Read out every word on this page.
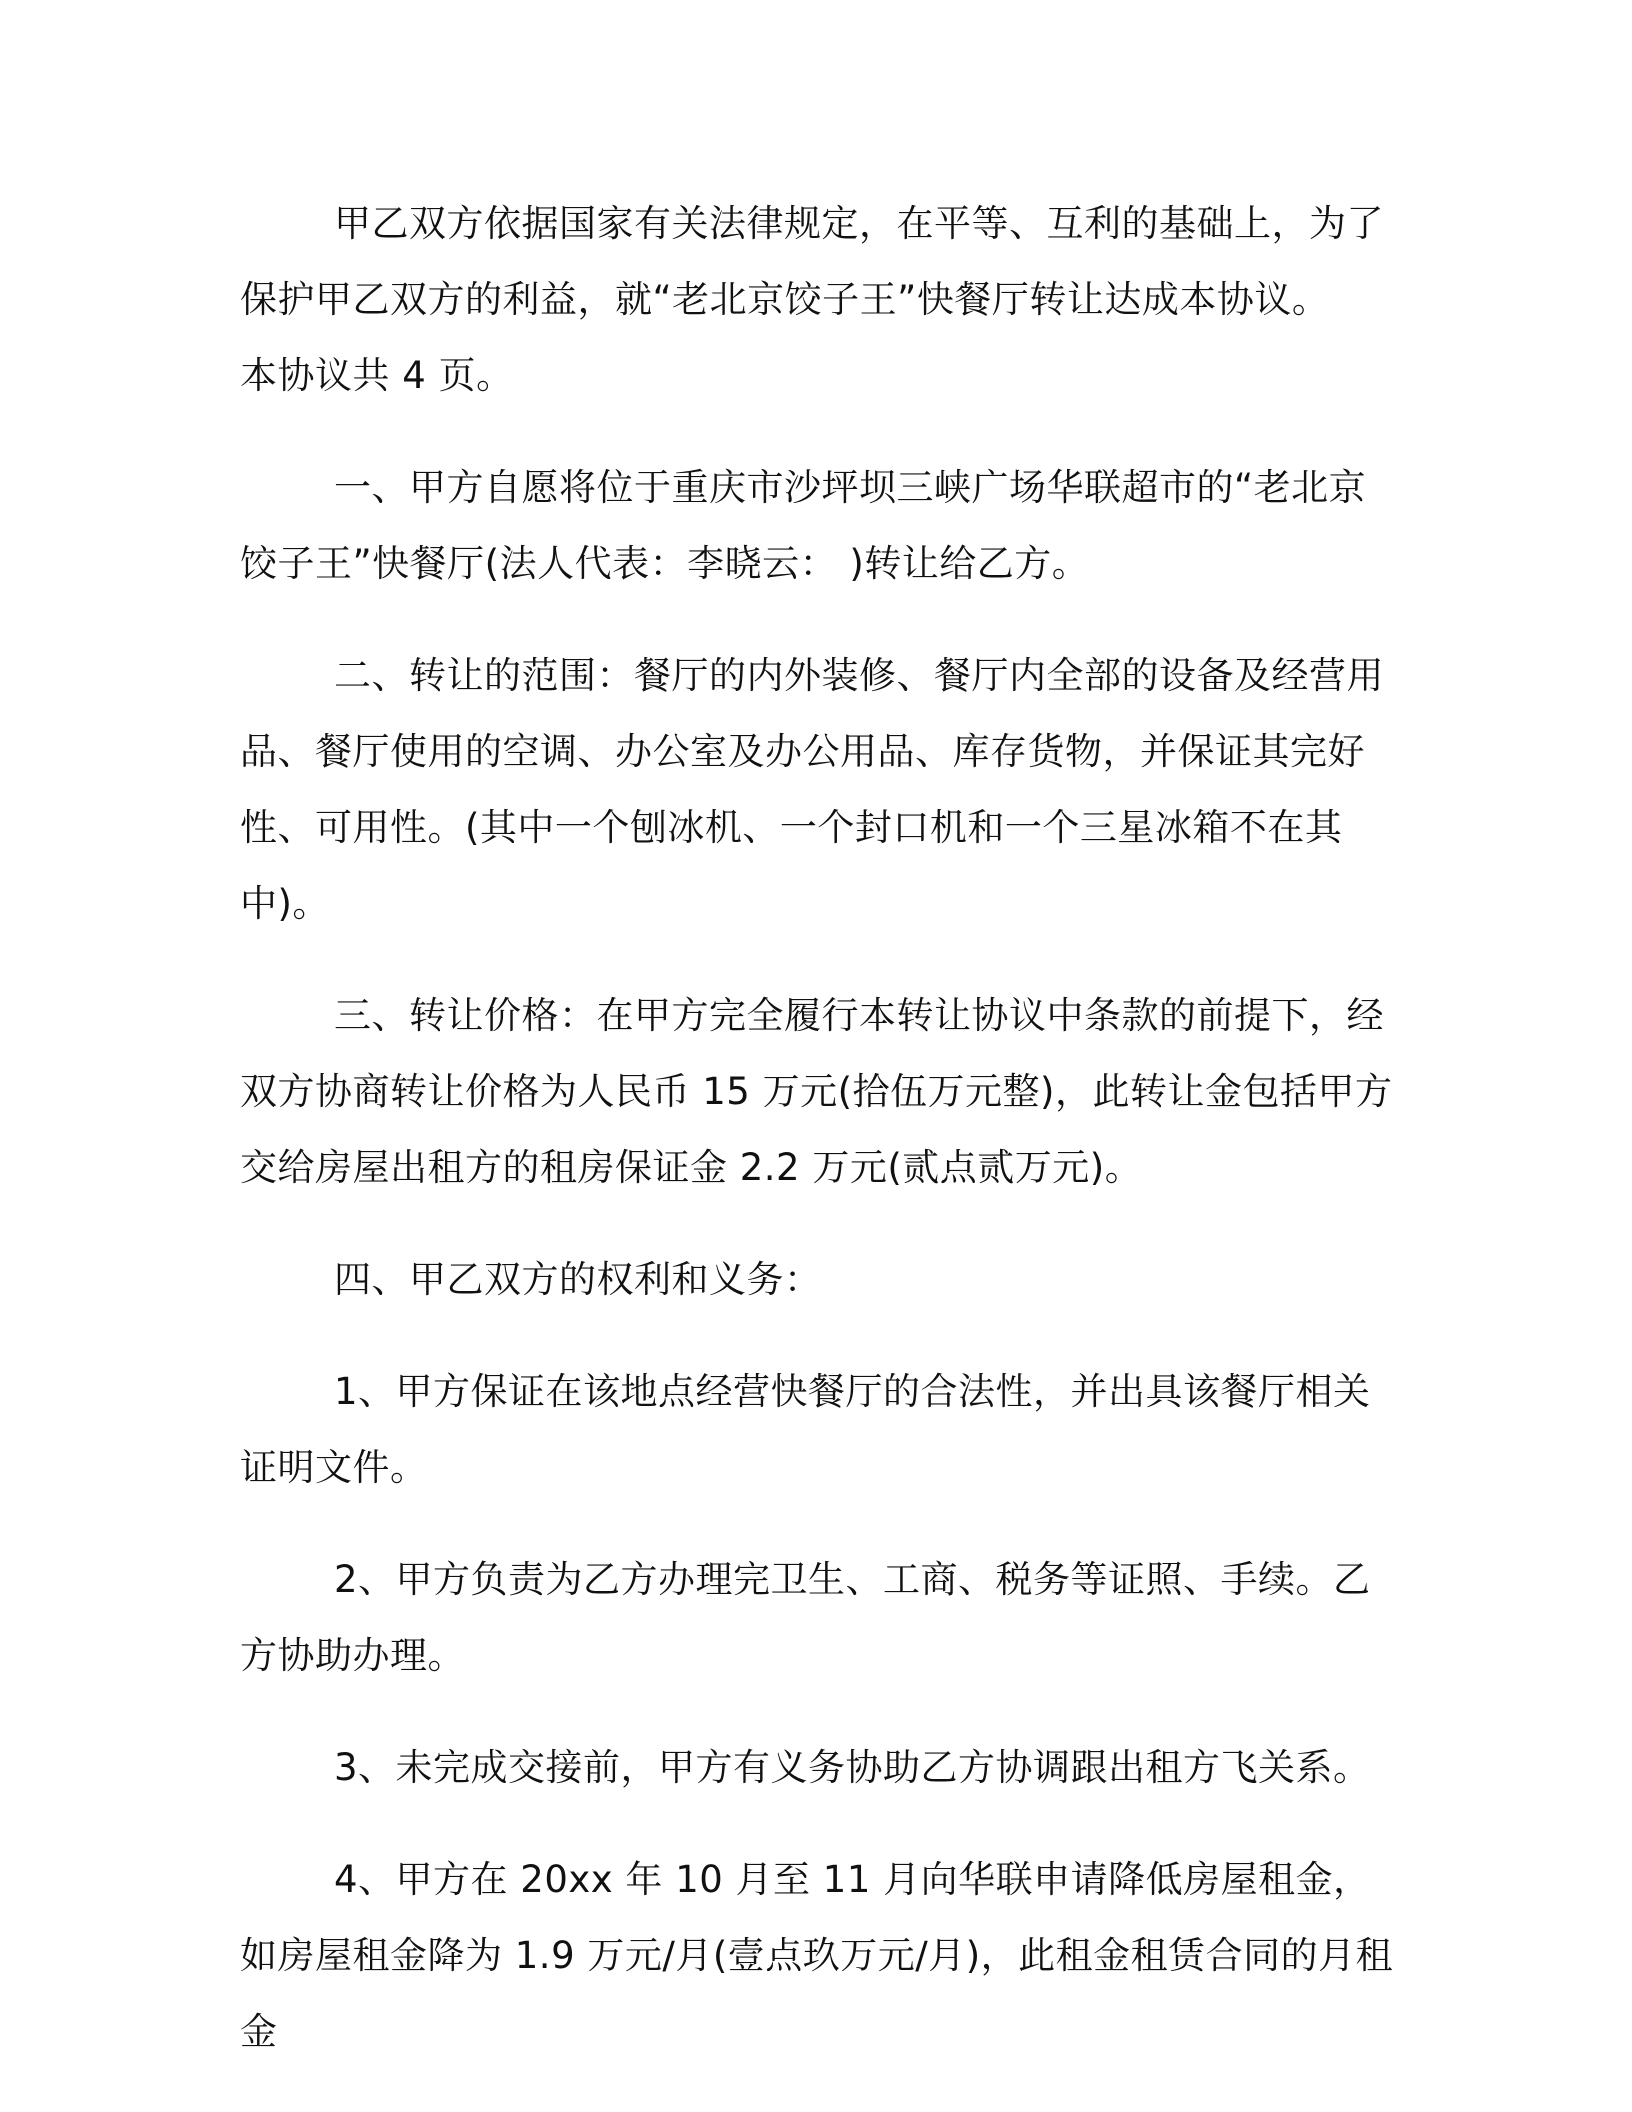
甲乙双方依据国家有关法律规定，在平等、互利的基础上，为了保护甲乙双方的利益，就“老北京饺子王”快餐厅转让达成本协议。

本协议共 4 页。

一、甲方自愿将位于重庆市沙坪坝三峡广场华联超市的“老北京饺子王”快餐厅(法人代表：李晓云： )转让给乙方。

二、转让的范围：餐厅的内外装修、餐厅内全部的设备及经营用品、餐厅使用的空调、办公室及办公用品、库存货物，并保证其完好性、可用性。(其中一个刨冰机、一个封口机和一个三星冰箱不在其中)。

三、转让价格：在甲方完全履行本转让协议中条款的前提下，经双方协商转让价格为人民币 15 万元(拾伍万元整)，此转让金包括甲方交给房屋出租方的租房保证金 2.2 万元(贰点贰万元)。

四、甲乙双方的权利和义务：

1、甲方保证在该地点经营快餐厅的合法性，并出具该餐厅相关证明文件。

2、甲方负责为乙方办理完卫生、工商、税务等证照、手续。乙方协助办理。

3、未完成交接前，甲方有义务协助乙方协调跟出租方飞关系。

4、甲方在 20xx 年 10 月至 11 月向华联申请降低房屋租金，如房屋租金降为 1.9 万元/月(壹点玖万元/月)，此租金租赁合同的月租金
